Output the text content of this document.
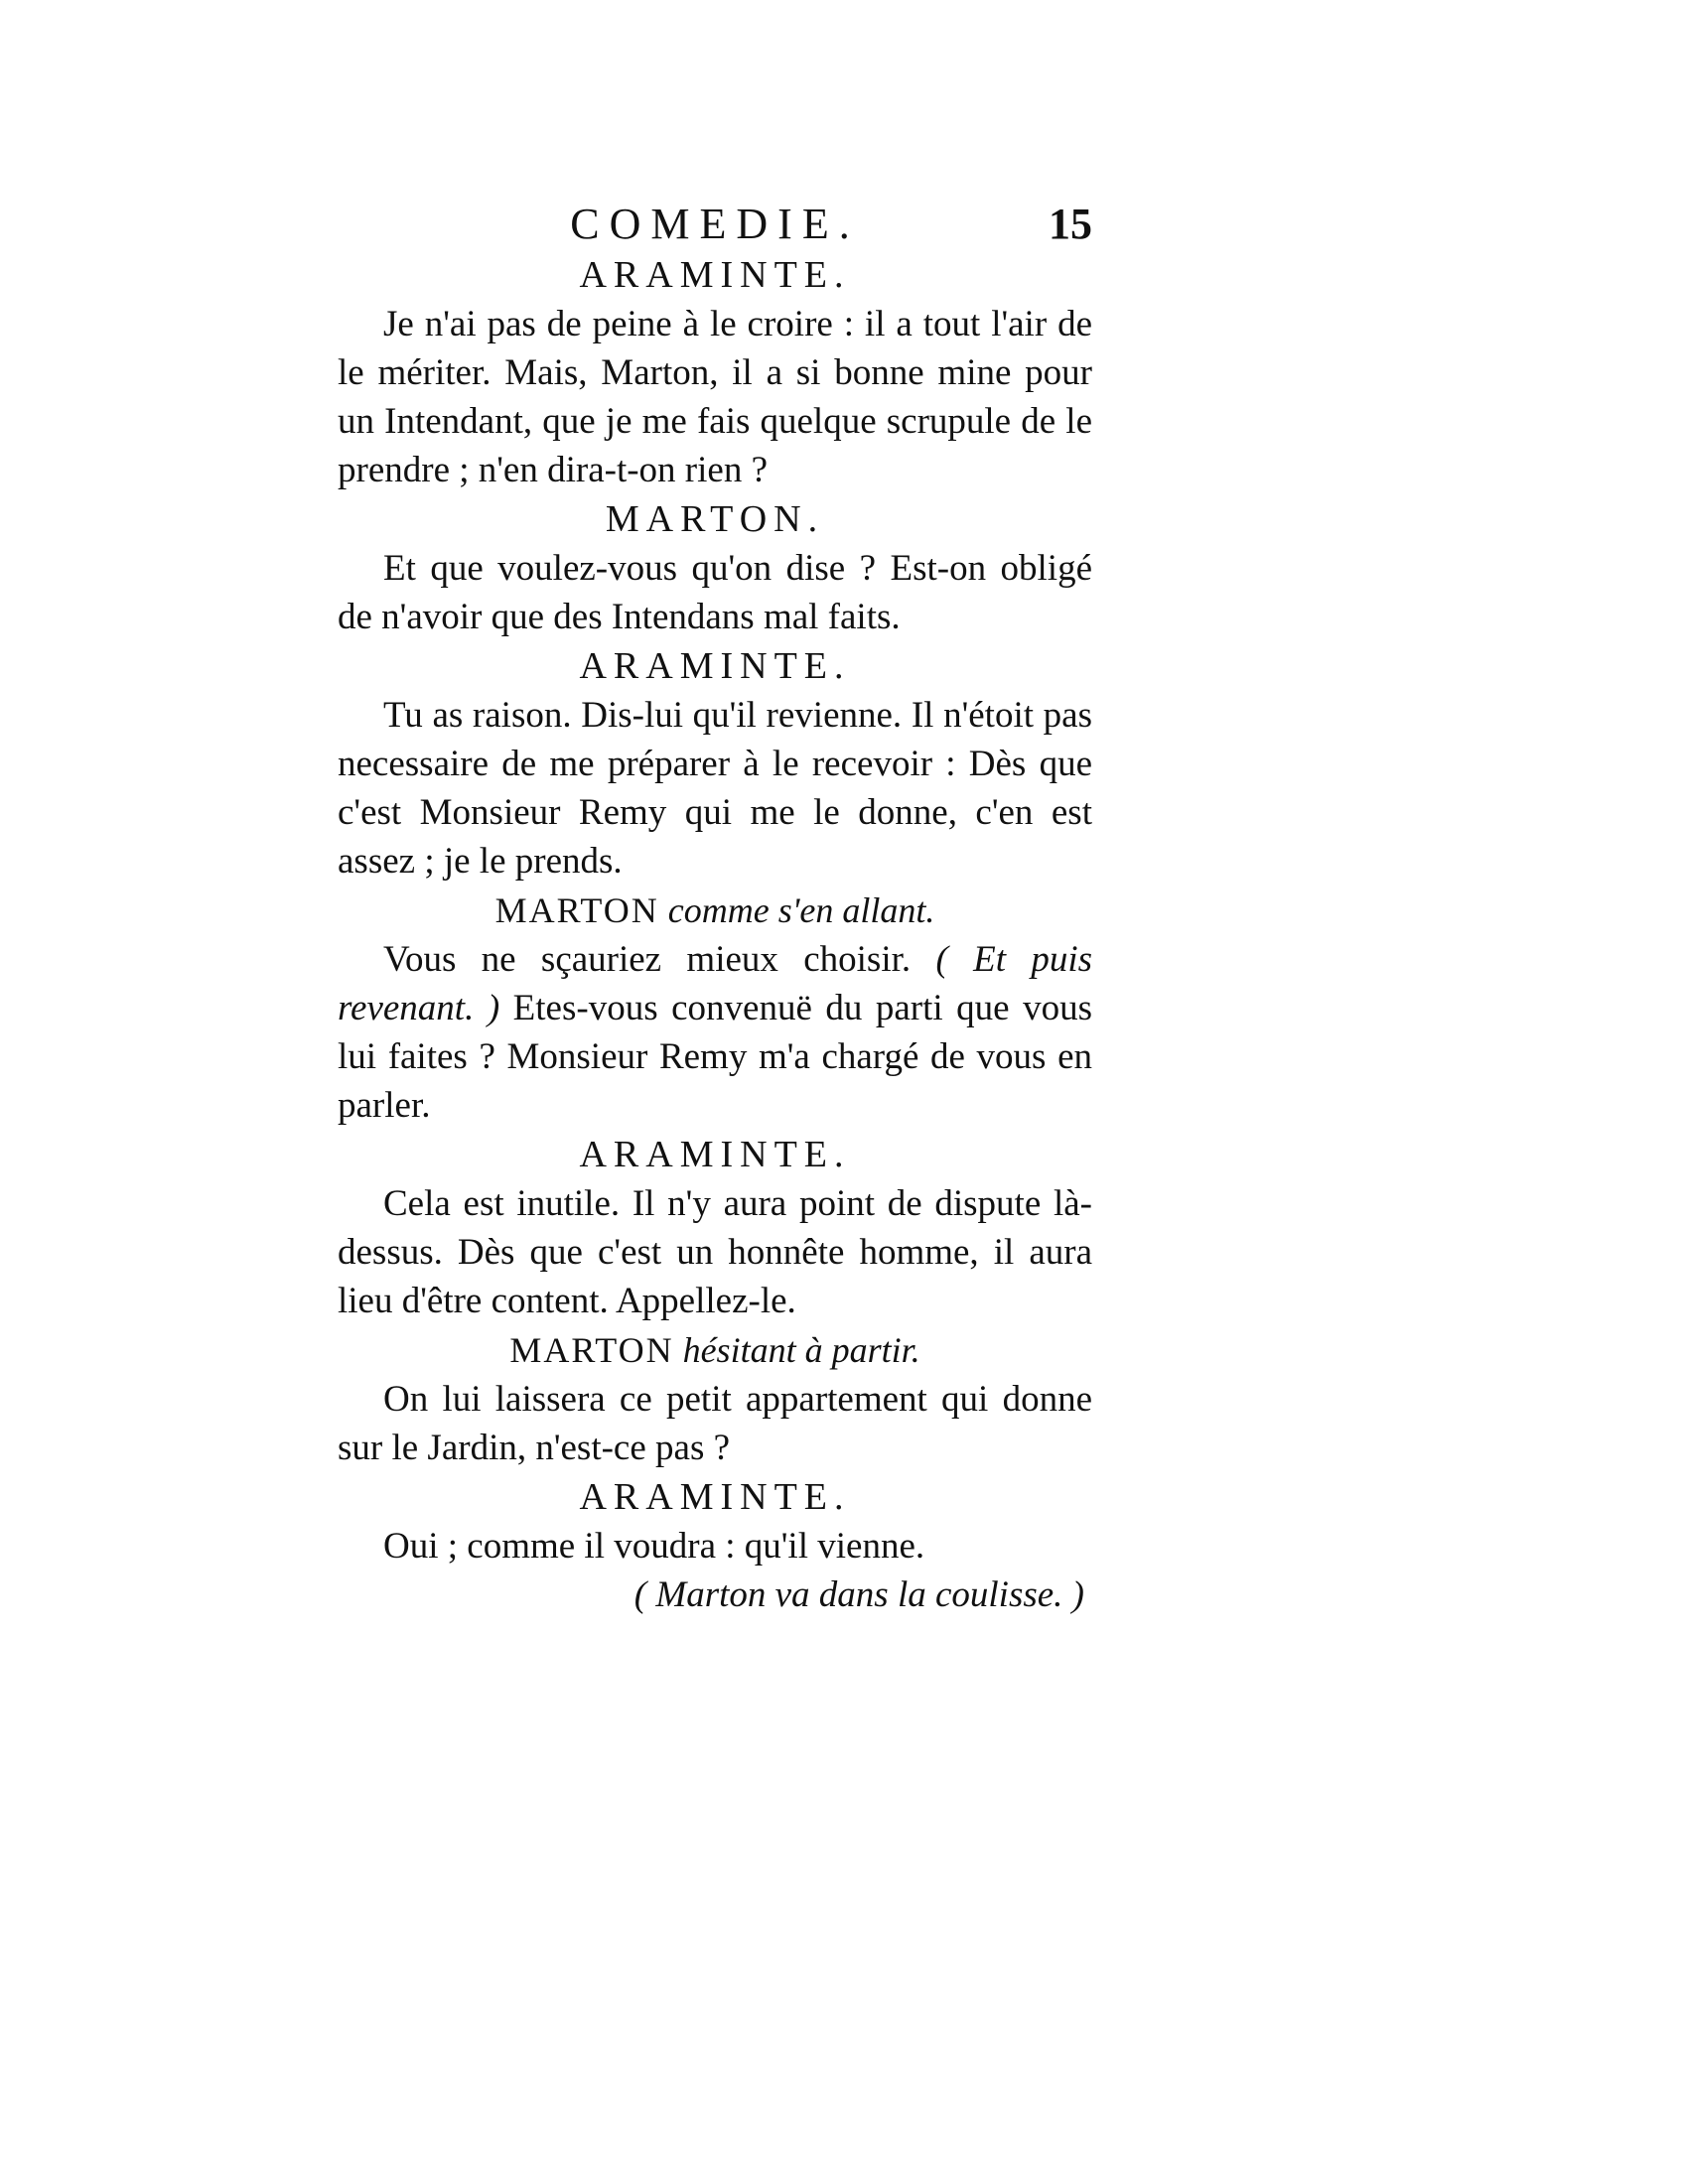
COMEDIE.	15

ARAMINTE.

Je n'ai pas de peine à le croire : il a tout l'air de le mériter. Mais, Marton, il a si bonne mine pour un Intendant, que je me fais quelque scrupule de le prendre ; n'en dira-t-on rien ?

MARTON.

Et que voulez-vous qu'on dise ? Est-on obligé de n'avoir que des Intendans mal faits.

ARAMINTE.

Tu as raison. Dis-lui qu'il revienne. Il n'étoit pas necessaire de me préparer à le recevoir : Dès que c'est Monsieur Remy qui me le donne, c'en est assez ; je le prends.

MARTON comme s'en allant.

Vous ne sçauriez mieux choisir. ( Et puis revenant. ) Etes-vous convenuë du parti que vous lui faites ? Monsieur Remy m'a chargé de vous en parler.

ARAMINTE.

Cela est inutile. Il n'y aura point de dispute là-dessus. Dès que c'est un honnête homme, il aura lieu d'être content. Appellez-le.

MARTON hésitant à partir.

On lui laissera ce petit appartement qui donne sur le Jardin, n'est-ce pas ?

ARAMINTE.

Oui ; comme il voudra : qu'il vienne.

( Marton va dans la coulisse. )
